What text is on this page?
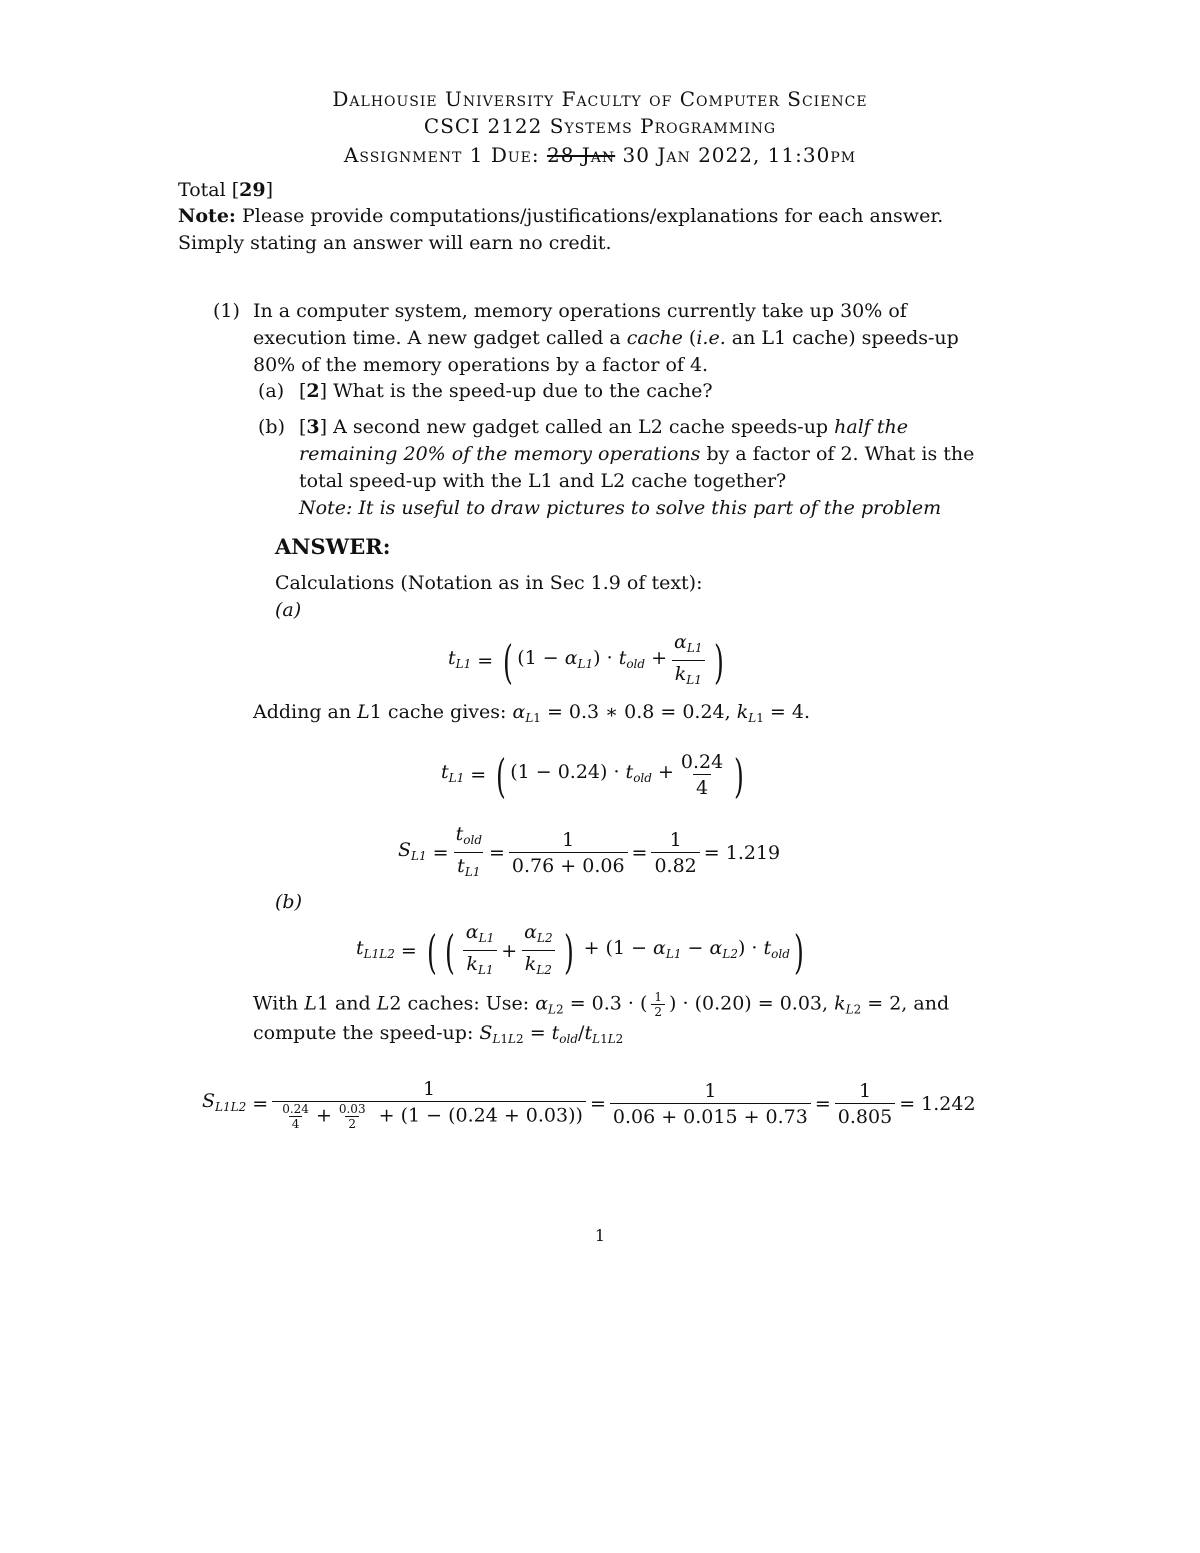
Dalhousie University Faculty of Computer Science
CSCI 2122 Systems Programming
Assignment 1 Due: 28 Jan 30 Jan 2022, 11:30pm
Total [29]
Note: Please provide computations/justifications/explanations for each answer.
Simply stating an answer will earn no credit.
(1) In a computer system, memory operations currently take up 30% of
execution time. A new gadget called a cache (i.e. an L1 cache) speeds-up
80% of the memory operations by a factor of 4.
(a) [2] What is the speed-up due to the cache?
(b) [3] A second new gadget called an L2 cache speeds-up half the
remaining 20% of the memory operations by a factor of 2. What is the
total speed-up with the L1 and L2 cache together?
Note: It is useful to draw pictures to solve this part of the problem
ANSWER:
Calculations (Notation as in Sec 1.9 of text):
(a)
$t_{L1}$ = ( $(1 - \alpha_{L1}) \cdot t_{old} + \frac{\alpha_{L1}}{k_{L1}}$ )
Adding an L1 cache gives: $\alpha_{L1} = 0.3$ ∗ 0.8 = 0.24, $k_{L1} = 4$.
$t_{L1}$ = ( $(1 - 0.24) \cdot t_{old} + \frac{0.24}{4}$ )
$S_{L1} = \frac{t_{old}}{t_{L1}} = \frac{1}{0.76 + 0.06} = \frac{1}{0.82} = 1.219$
(b)
$t_{L1L2}$ = ( ( $\frac{\alpha_{L1}}{k_{L1}} + \frac{\alpha_{L2}}{k_{L2}}$ ) + $(1 - \alpha_{L1} - \alpha_{L2}) \cdot t_{old}$ )
With L1 and L2 caches: Use: $\alpha_{L2} = 0.3$ · ( $\frac{1}{2}$ ) · (0.20) = 0.03, $k_{L2} = 2$, and
compute the speed-up: $S_{L1L2} = t_{old}/t_{L1L2}$
$S_{L1L2} = \frac{1}{\frac{0.24}{4} + \frac{0.03}{2} + (1 - (0.24 + 0.03))} = \frac{1}{0.06 + 0.015 + 0.73} = \frac{1}{0.805} = 1.242$
1
